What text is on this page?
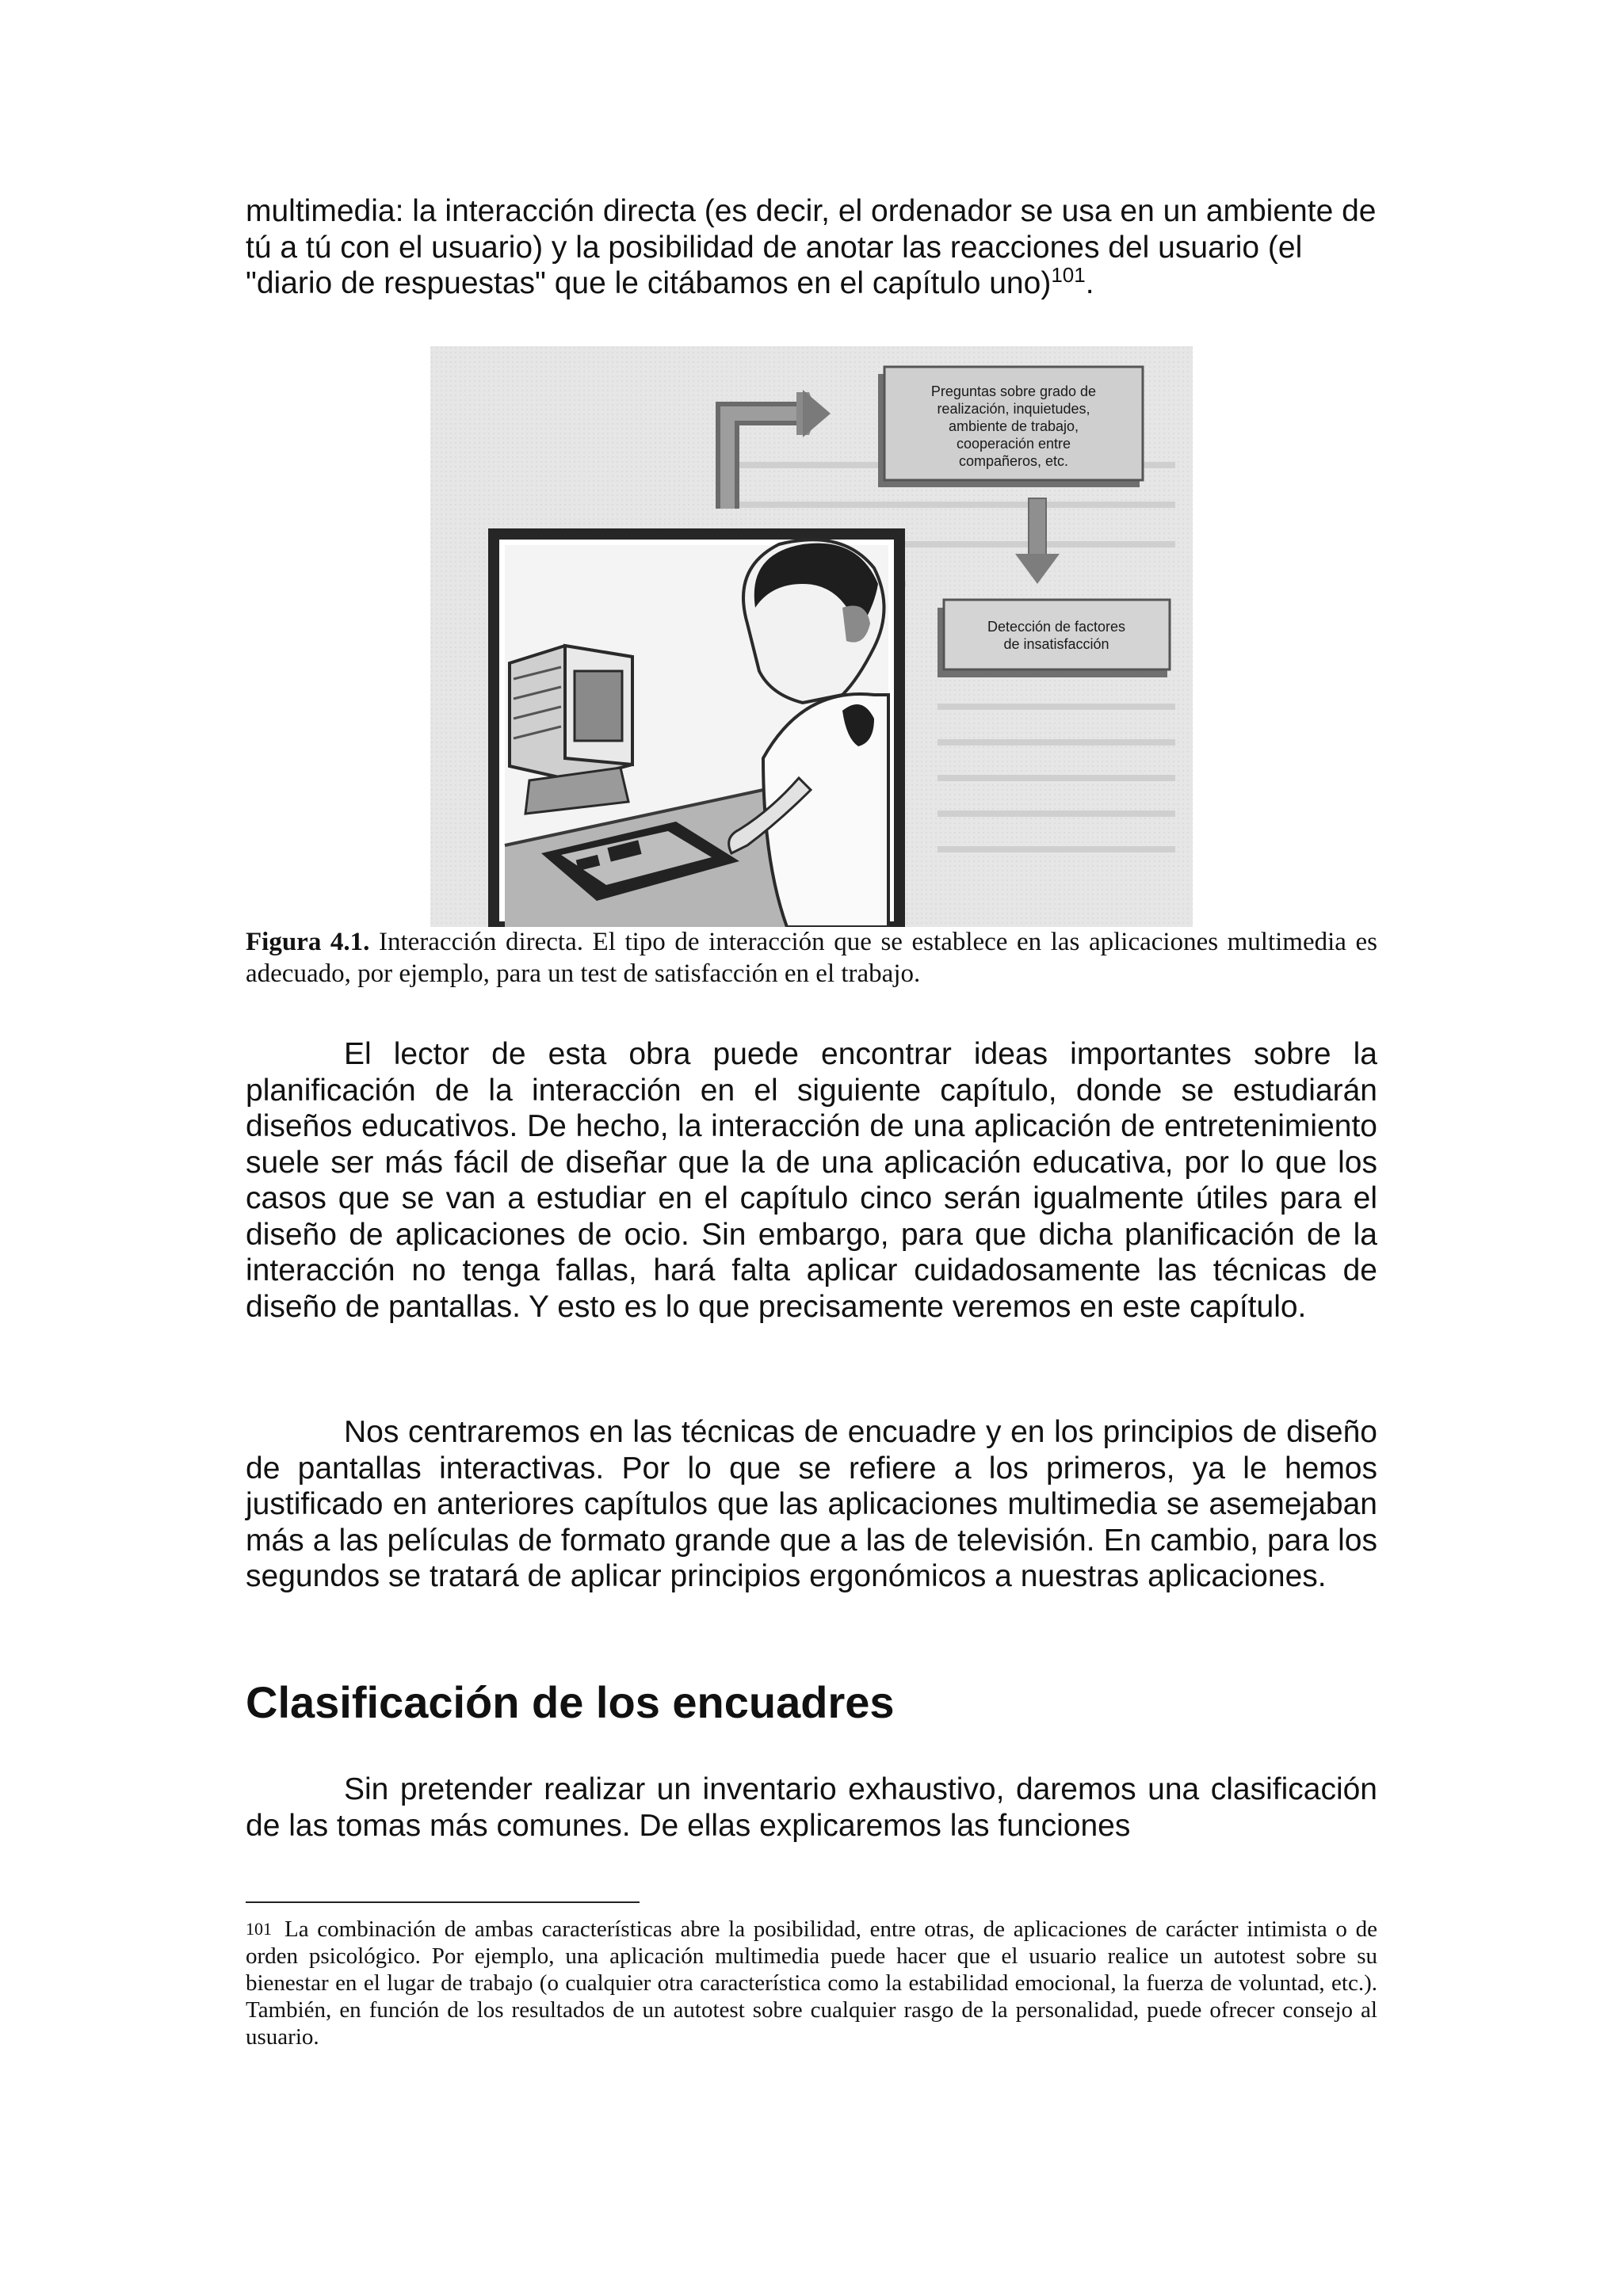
multimedia: la interacción directa (es decir, el ordenador se usa en un ambiente de tú a tú con el usuario) y la posibilidad de anotar las reacciones del usuario (el "diario de respuestas" que le citábamos en el capítulo uno)$^{101}$.

Preguntas sobre grado de
realización, inquietudes,
ambiente de trabajo,
cooperación entre
compañeros, etc.
Detección de factores
de insatisfacción

Figura 4.1. Interacción directa. El tipo de interacción que se establece en las aplicaciones multimedia es adecuado, por ejemplo, para un test de satisfacción en el trabajo.

El lector de esta obra puede encontrar ideas importantes sobre la planificación de la interacción en el siguiente capítulo, donde se estudiarán diseños educativos. De hecho, la interacción de una aplicación de entretenimiento suele ser más fácil de diseñar que la de una aplicación educativa, por lo que los casos que se van a estudiar en el capítulo cinco serán igualmente útiles para el diseño de aplicaciones de ocio. Sin embargo, para que dicha planificación de la interacción no tenga fallas, hará falta aplicar cuidadosamente las técnicas de diseño de pantallas. Y esto es lo que precisamente veremos en este capítulo.

Nos centraremos en las técnicas de encuadre y en los principios de diseño de pantallas interactivas. Por lo que se refiere a los primeros, ya le hemos justificado en anteriores capítulos que las aplicaciones multimedia se asemejaban más a las películas de formato grande que a las de televisión. En cambio, para los segundos se tratará de aplicar principios ergonómicos a nuestras aplicaciones.

Clasificación de los encuadres

Sin pretender realizar un inventario exhaustivo, daremos una clasificación de las tomas más comunes. De ellas explicaremos las funciones

$^{101}$ La combinación de ambas características abre la posibilidad, entre otras, de aplicaciones de carácter intimista o de orden psicológico. Por ejemplo, una aplicación multimedia puede hacer que el usuario realice un autotest sobre su bienestar en el lugar de trabajo (o cualquier otra característica como la estabilidad emocional, la fuerza de voluntad, etc.). También, en función de los resultados de un autotest sobre cualquier rasgo de la personalidad, puede ofrecer consejo al usuario.
